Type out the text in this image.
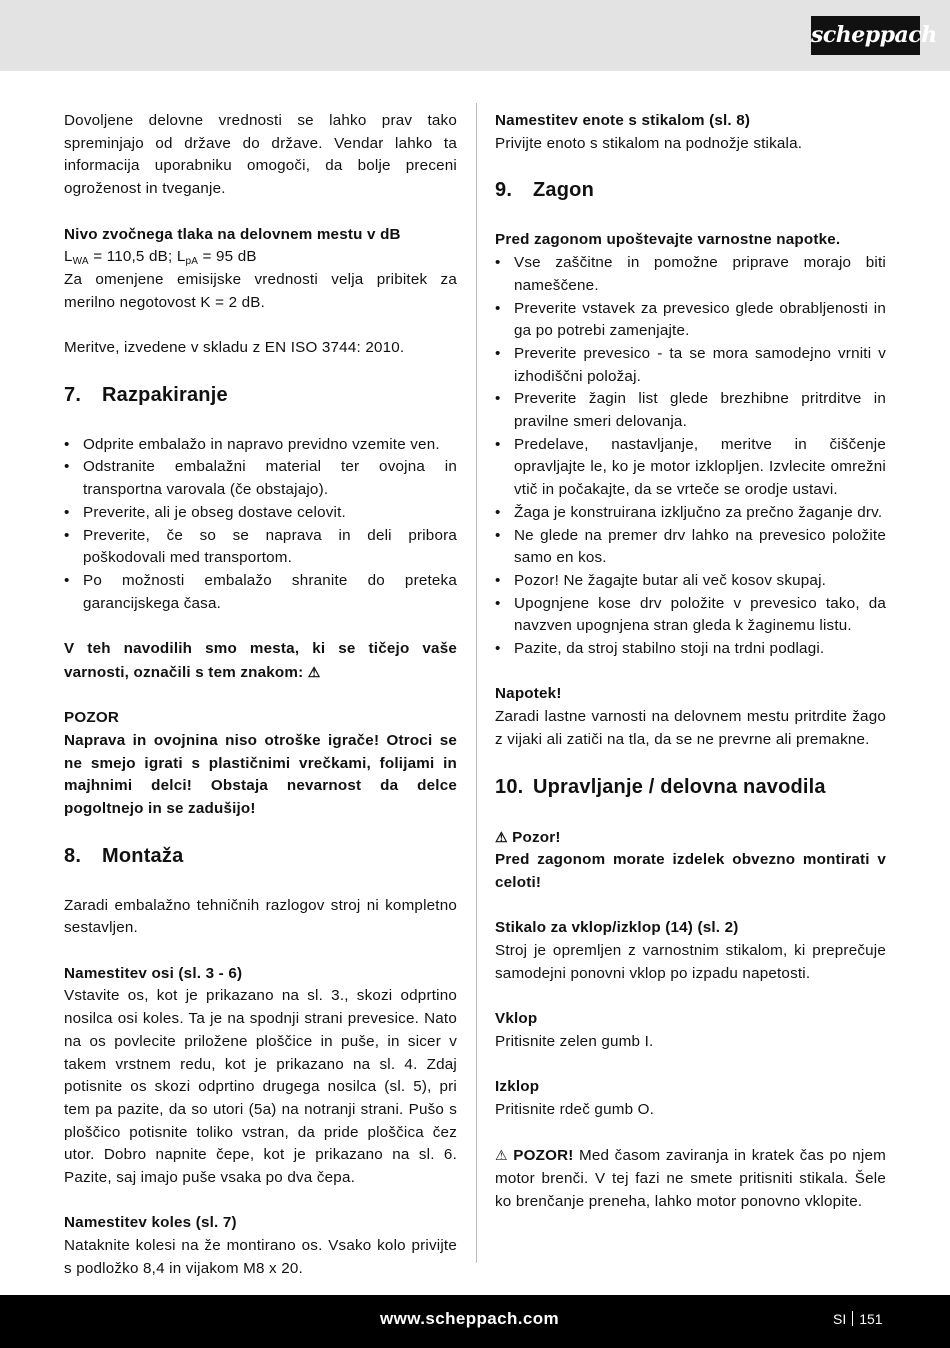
scheppach

Dovoljene delovne vrednosti se lahko prav tako spreminjajo od države do države. Vendar lahko ta informacija uporabniku omogoči, da bolje preceni ogroženost in tveganje.

Nivo zvočnega tlaka na delovnem mestu v dB

$L_{WA} = 110,5$ dB; $L_{pA} = 95$ dB

Za omenjene emisijske vrednosti velja pribitek za merilno negotovost K = 2 dB.

Meritve, izvedene v skladu z EN ISO 3744: 2010.

7. Razpakiranje
• Odprite embalažo in napravo previdno vzemite ven.
• Odstranite embalažni material ter ovojna in transportna varovala (če obstajajo).
• Preverite, ali je obseg dostave celovit.
• Preverite, če so se naprava in deli pribora poškodovali med transportom.
• Po možnosti embalažo shranite do preteka garancijskega časa.

V teh navodilih smo mesta, ki se tičejo vaše varnosti, označili s tem znakom: ⚠

POZOR

Naprava in ovojnina niso otroške igrače! Otroci se ne smejo igrati s plastičnimi vrečkami, folijami in majhnimi delci! Obstaja nevarnost da delce pogoltnejo in se zadušijo!

8. Montaža

Zaradi embalažno tehničnih razlogov stroj ni kompletno sestavljen.

Namestitev osi (sl. 3 - 6)

Vstavite os, kot je prikazano na sl. 3., skozi odprtino nosilca osi koles. Ta je na spodnji strani prevesice. Nato na os povlecite priložene ploščice in puše, in sicer v takem vrstnem redu, kot je prikazano na sl. 4. Zdaj potisnite os skozi odprtino drugega nosilca (sl. 5), pri tem pa pazite, da so utori (5a) na notranji strani. Pušo s ploščico potisnite toliko vstran, da pride ploščica čez utor. Dobro napnite čepe, kot je prikazano na sl. 6. Pazite, saj imajo puše vsaka po dva čepa.

Namestitev koles (sl. 7)

Nataknite kolesi na že montirano os. Vsako kolo privijte s podložko 8,4 in vijakom M8 x 20.

Namestitev enote s stikalom (sl. 8)

Privijte enoto s stikalom na podnožje stikala.

9. Zagon

Pred zagonom upoštevajte varnostne napotke.

• Vse zaščitne in pomožne priprave morajo biti nameščene.
• Preverite vstavek za prevesico glede obrabljenosti in ga po potrebi zamenjajte.
• Preverite prevesico - ta se mora samodejno vrniti v izhodiščni položaj.
• Preverite žagin list glede brezhibne pritrditve in pravilne smeri delovanja.
• Predelave, nastavljanje, meritve in čiščenje opravljajte le, ko je motor izklopljen. Izvlecite omrežni vtič in počakajte, da se vrteče se orodje ustavi.
• Žaga je konstruirana izključno za prečno žaganje drv.
• Ne glede na premer drv lahko na prevesico položite samo en kos.
• Pozor! Ne žagajte butar ali več kosov skupaj.
• Upognjene kose drv položite v prevesico tako, da navzven upognjena stran gleda k žaginemu listu.
• Pazite, da stroj stabilno stoji na trdni podlagi.

Napotek!

Zaradi lastne varnosti na delovnem mestu pritrdite žago z vijaki ali zatiči na tla, da se ne prevrne ali premakne.

10. Upravljanje / delovna navodila

⚠ Pozor!

Pred zagonom morate izdelek obvezno montirati v celoti!

Stikalo za vklop/izklop (14) (sl. 2)

Stroj je opremljen z varnostnim stikalom, ki preprečuje samodejni ponovni vklop po izpadu napetosti.

Vklop

Pritisnite zelen gumb I.

Izklop

Pritisnite rdeč gumb O.

⚠ POZOR! Med časom zaviranja in kratek čas po njem motor brenči. V tej fazi ne smete pritisniti stikala. Šele ko brenčanje preneha, lahko motor ponovno vklopite.

www.scheppach.com	SI 151
